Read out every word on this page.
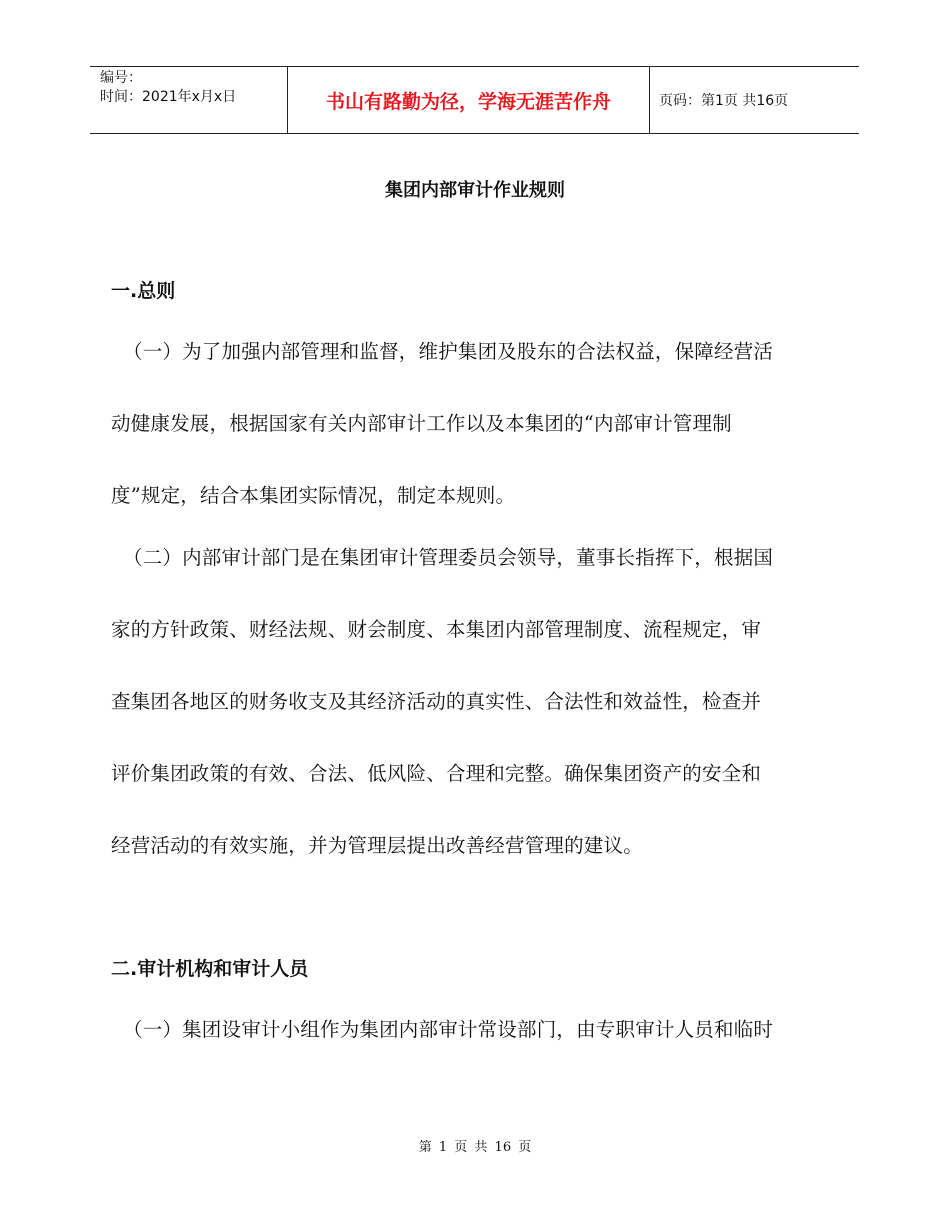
编号：
时间：2021年x月x日	书山有路勤为径，学海无涯苦作舟	页码：第1页 共16页
集团内部审计作业规则
一.总则
（一）为了加强内部管理和监督，维护集团及股东的合法权益，保障经营活
动健康发展，根据国家有关内部审计工作以及本集团的“内部审计管理制
度”规定，结合本集团实际情况，制定本规则。
（二）内部审计部门是在集团审计管理委员会领导，董事长指挥下，根据国
家的方针政策、财经法规、财会制度、本集团内部管理制度、流程规定，审
查集团各地区的财务收支及其经济活动的真实性、合法性和效益性，检查并
评价集团政策的有效、合法、低风险、合理和完整。确保集团资产的安全和
经营活动的有效实施，并为管理层提出改善经营管理的建议。
二.审计机构和审计人员
（一）集团设审计小组作为集团内部审计常设部门，由专职审计人员和临时
第 1 页 共 16 页
